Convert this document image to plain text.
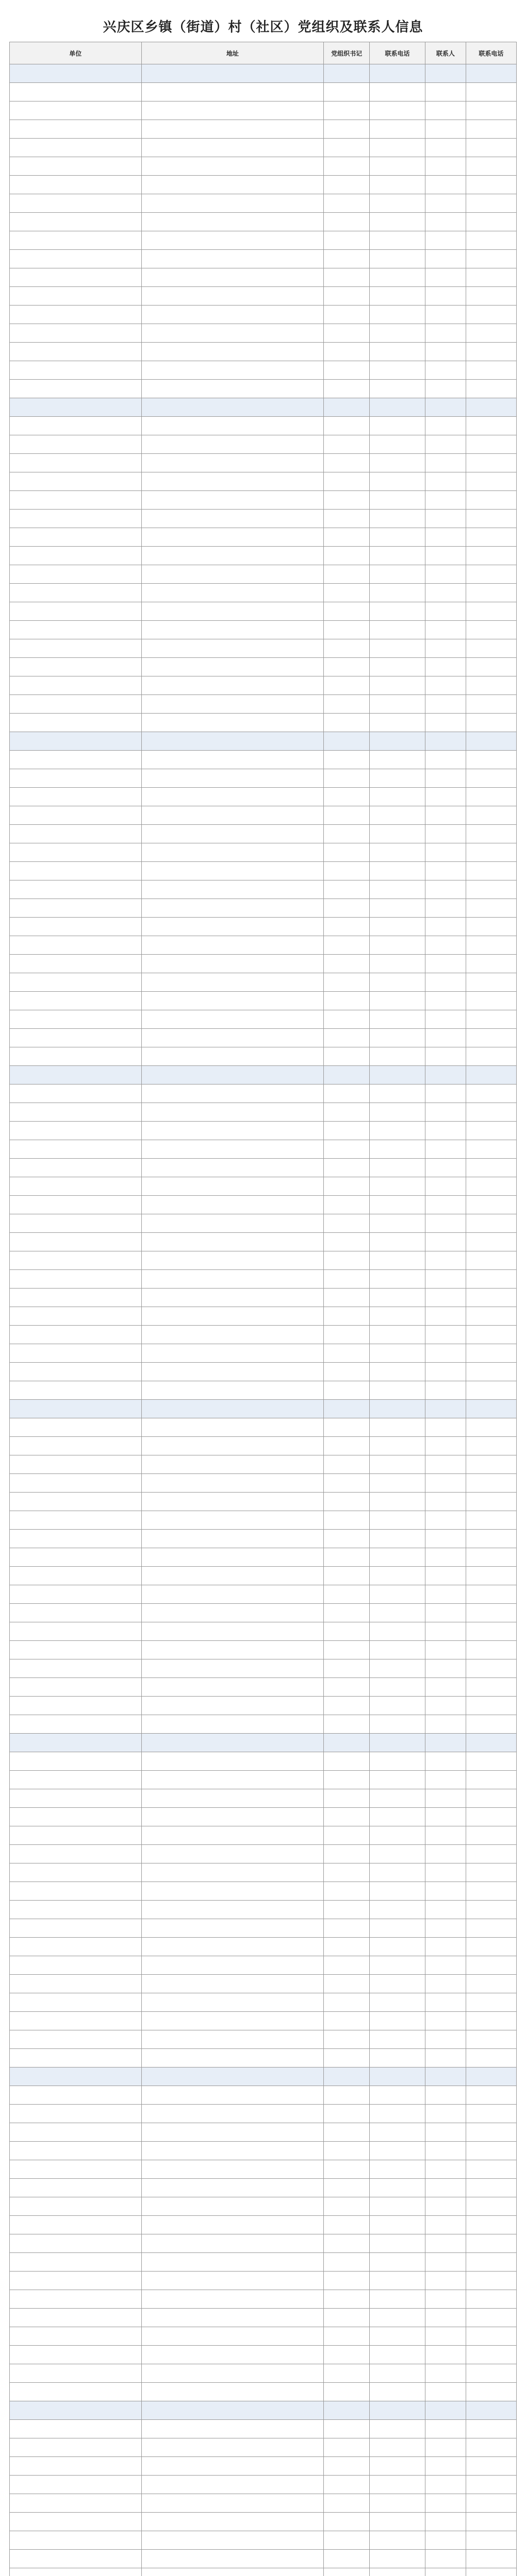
兴庆区乡镇（街道）村（社区）党组织及联系人信息
单位	地址	党组织书记	联系电话	联系人	联系电话
